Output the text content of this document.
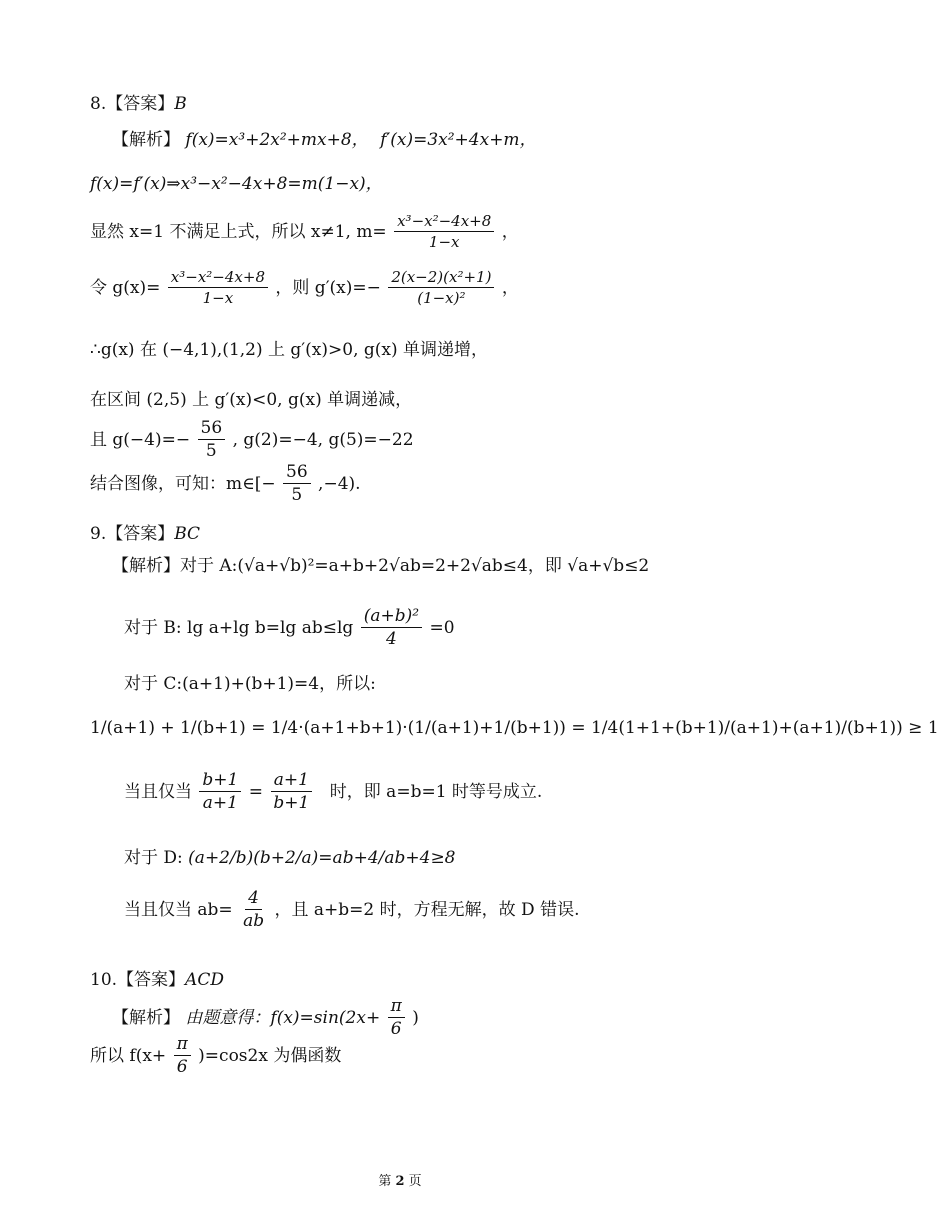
8.【答案】B
【解析】 f(x)=x³+2x²+mx+8， f′(x)=3x²+4x+m，
f(x)=f′(x)⇒x³−x²−4x+8=m(1−x)，
显然 x=1 不满足上式，所以 x≠1, $m= \frac{\text{x³−x²−4x+8}}{1-x}$ ，
令 $g(x)= \frac{\text{x³−x²−4x+8}}{1-x}$ ，则 $g'(x)=- \frac{\text{2(x−2)(x²+1)}}{\text{(1−x)²}}$ ，
∴g(x) 在 (−4,1),(1,2) 上 g′(x)>0, g(x) 单调递增，
在区间 (2,5) 上 g′(x)<0, g(x) 单调递减，
且 $g(-4)=- \frac{56}{5}$ , g(2)=−4, g(5)=−22
结合图像，可知：m∈[− $\frac{56}{5} ,-4$).
9.【答案】BC
【解析】对于 A:(√a+√b)²=a+b+2√ab=2+2√ab≤4，即 √a+√b≤2
对于 B: lg a+lg b=lg $ab\le\lg \frac{\text{(a+b)²}}{4} =0$
对于 C:(a+1)+(b+1)=4，所以:
1/(a+1) + 1/(b+1) = 1/4·(a+1+b+1)·(1/(a+1)+1/(b+1)) = 1/4(1+1+(b+1)/(a+1)+(a+1)/(b+1)) ≥ 1
当且仅当 $\frac{b+1}{a+1} = \frac{a+1}{b+1}$ 时，即 a=b=1 时等号成立.
对于 D: (a+2/b)(b+2/a)=ab+4/ab+4≥8
当且仅当 $ab= \frac{4}{ab}$ ，且 a+b=2 时，方程无解，故 D 错误.
10.【答案】ACD
【解析】 由题意得：$f(x)=\sin(2x+ \frac{\pi}{6}$ )
所以 $f(x+ \frac{\pi}{6} )=\cos 2x$ 为偶函数
第 2 页
